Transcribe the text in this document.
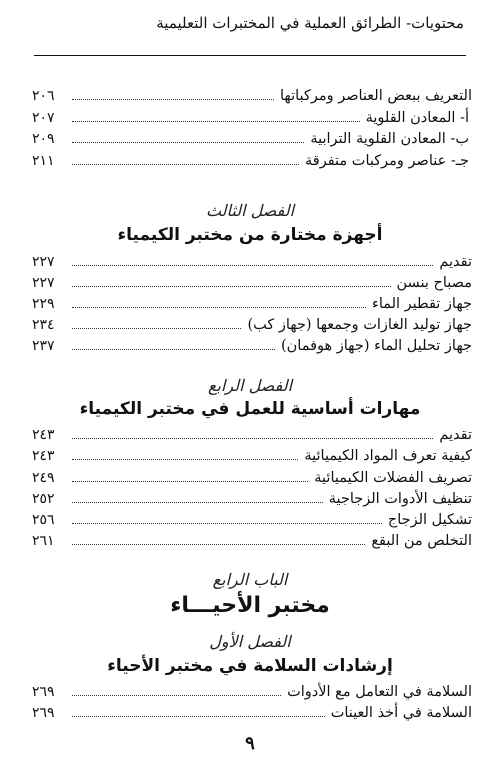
محتويات- الطرائق العملية في المختبرات التعليمية
التعريف ببعض العناصر ومركباتها
٢٠٦
أ- المعادن القلوية
٢٠٧
ب- المعادن القلوية الترابية
٢٠٩
جـ- عناصر ومركبات متفرقة
٢١١
الفصل الثالث
أجهزة مختارة من مختبر الكيمياء
تقديم
٢٢٧
مصباح بنسن
٢٢٧
جهاز تقطير الماء
٢٢٩
جهاز توليد الغازات وجمعها (جهاز كب)
٢٣٤
جهاز تحليل الماء (جهاز هوفمان)
٢٣٧
الفصل الرابع
مهارات أساسية للعمل في مختبر الكيمياء
تقديم
٢٤٣
كيفية تعرف المواد الكيميائية
٢٤٣
تصريف الفضلات الكيميائية
٢٤٩
تنظيف الأدوات الزجاجية
٢٥٢
تشكيل الزجاج
٢٥٦
التخلص من البقع
٢٦١
الباب الرابع
مختبر الأحيـــاء
الفصل الأول
إرشادات السلامة في مختبر الأحياء
السلامة في التعامل مع الأدوات
٢٦٩
السلامة في أخذ العينات
٢٦٩
٩
